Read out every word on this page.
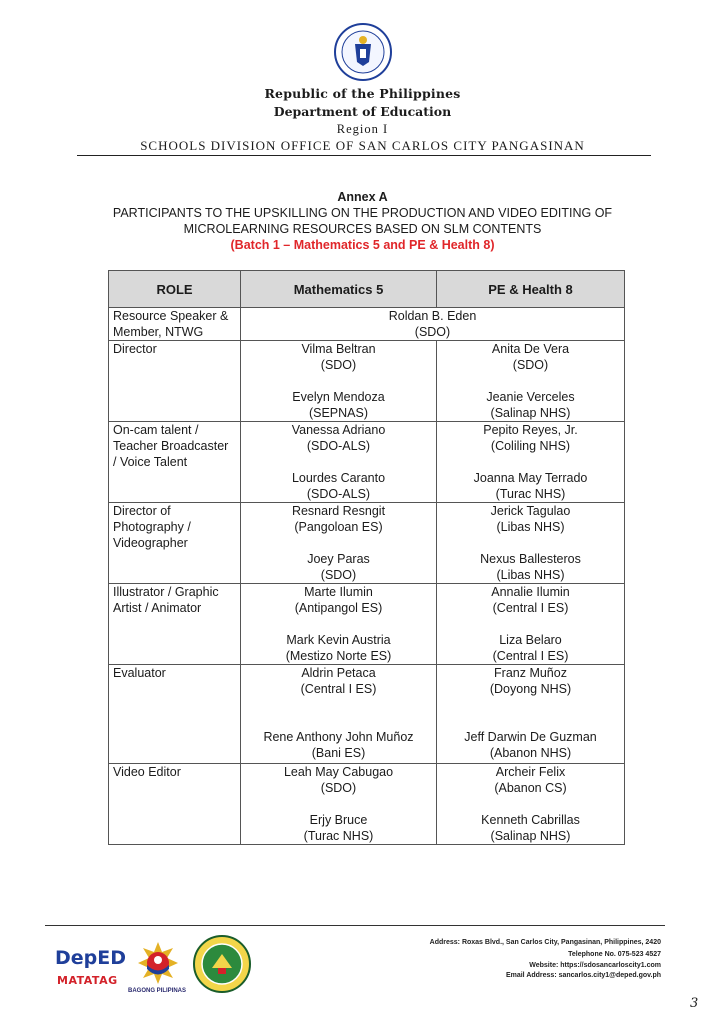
Republic of the Philippines
Department of Education
Region I
SCHOOLS DIVISION OFFICE OF SAN CARLOS CITY PANGASINAN
Annex A
PARTICIPANTS TO THE UPSKILLING ON THE PRODUCTION AND VIDEO EDITING OF
MICROLEARNING RESOURCES BASED ON SLM CONTENTS
(Batch 1 – Mathematics 5 and PE & Health 8)
ROLE	Mathematics 5	PE & Health 8
Resource Speaker &
Member, NTWG	Roldan B. Eden
(SDO)	
Director	Vilma Beltran
(SDO)

Evelyn Mendoza
(SEPNAS)	Anita De Vera
(SDO)

Jeanie Verceles
(Salinap NHS)

On-cam talent /
Teacher Broadcaster
/ Voice Talent	Vanessa Adriano
(SDO-ALS)

Lourdes Caranto
(SDO-ALS)	Pepito Reyes, Jr.
(Coliling NHS)

Joanna May Terrado
(Turac NHS)

Director of
Photography /
Videographer	Resnard Resngit
(Pangoloan ES)

Joey Paras
(SDO)	Jerick Tagulao
(Libas NHS)

Nexus Ballesteros
(Libas NHS)

Illustrator / Graphic
Artist / Animator	Marte Ilumin
(Antipangol ES)

Mark Kevin Austria
(Mestizo Norte ES)	Annalie Ilumin
(Central I ES)

Liza Belaro
(Central I ES)

Evaluator	Aldrin Petaca
(Central I ES)

Rene Anthony John Muñoz
(Bani ES)	Franz Muñoz
(Doyong NHS)

Jeff Darwin De Guzman
(Abanon NHS)

Video Editor	Leah May Cabugao
(SDO)

Erjy Bruce
(Turac NHS)	Archeir Felix
(Abanon CS)

Kenneth Cabrillas
(Salinap NHS)

DepED
MATATAG
BAGONG PILIPINAS
Address: Roxas Blvd., San Carlos City, Pangasinan, Philippines, 2420
Telephone No. 075-523 4527
Website: https://sdosancarloscity1.com
Email Address: sancarlos.city1@deped.gov.ph
3
